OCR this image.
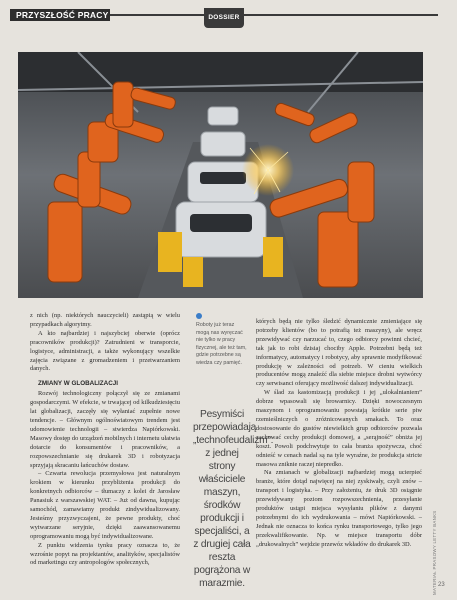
PRZYSZŁOŚĆ PRACY	DOSSIER

z nich (np. niektórych nauczycieli) zastąpią w wielu przypadkach algorytmy.

A kto najbardziej i najszybciej oberwie (oprócz pracowników produkcji)? Zatrudnieni w transporcie, logistyce, administracji, a także wykonujący wszelkie zajęcia związane z gromadzeniem i przetwarzaniem danych.

ZMIANY W GLOBALIZACJI

Rozwój technologiczny połączył się ze zmianami gospodarczymi. W efekcie, w trwającej od kilkudziesięciu lat globalizacji, zaczęły się wyłaniać zupełnie nowe tendencje. – Głównym ogólnoświatowym trendem jest udomowienie technologii – stwierdza Napiórkowski. Masowy dostęp do urządzeń mobilnych i internetu ułatwia dotarcie do konsumentów i pracowników, a rozpowszechnianie się drukarek 3D i robotyzacja sprzyjają skracaniu łańcuchów dostaw.

– Czwarta rewolucja przemysłowa jest naturalnym krokiem w kierunku przybliżenia produkcji do konkretnych odbiorców – tłumaczy z kolei dr Jarosław Panasiuk z warszawskiej WAT. – Już od dawna, kupując samochód, zamawiamy produkt zindywidualizowany. Jesteśmy przyzwyczajeni, że pewne produkty, choć wytwarzane seryjnie, dzięki zaawansowanemu oprogramowaniu mogą być indywidualizowane.

Z punktu widzenia tynku pracy oznacza to, że wzrośnie popyt na projektantów, analityków, specjalistów od marketingu czy antropologów społecznych,

Roboty już teraz mogą nas wyręczać nie tylko w pracy fizycznej, ale też tam, gdzie potrzebne są wiedza czy pamięć.
Pesymiści przepowiadają „technofeudalizm”: z jednej strony właściciele maszyn, środków produkcji i specjaliści, a z drugiej cała reszta pogrążona w marazmie.

których będą nie tylko śledzić dynamicznie zmieniające się potrzeby klientów (bo to potrafią też maszyny), ale wręcz przewidywać czy narzucać to, czego odbiorcy powinni chcieć, tak jak to robi dzisiaj chociby Apple. Potrzebni będą też informatycy, automatycy i robotycy, aby sprawnie modyfikować produkcję w zależności od potrzeb. W cieniu wielkich producentów mogą znaleźć dla siebie miejsce drobni wytwórcy czy serwisanci oferujący możliwość dalszej indywidualizacji.

W ślad za kastomizacją produkcji i jej „ulokalnianiem” dobrze wpasowali się browarnicy. Dzięki nowoczesnym maszynom i oprogramowaniu powstają krótkie serie piw rzemieślniczych o zróżnicowanych smakach. To oraz dostosowanie do gustów niewielkich grup odbiorców pozwala zachować cechy produkcji domowej, a „serąjność” obniża jej koszt. Powoli podchwytuje to cała branża spożywcza, choć odnieść w cenach nadal są na tyle wyraźne, że produkcja stricte masowa zniknie raczej niepredko.

Na zmianach w globalizacji najbardziej mogą ucierpieć branże, które dotąd najwięcej na niej zyskiwały, czyli znów – transport i logistyka. – Przy założeniu, że druk 3D osiągnie przewidywany poziom rozpowszechnienia, przesyłanie produktów ustąpi miejsca wysyłaniu plików z danymi potrzebnymi do ich wydrukowania – mówi Napiórkowski. – Jednak nie oznacza to końca rynku transportowego, tylko jego przekwalifikowanie. Np. w miejsce transportu dóbr „drukowalnych” wejdzie przewóz wkładów do drukarek 3D.	MATERIAŁ PRASOWY LETTY BANKS 23
